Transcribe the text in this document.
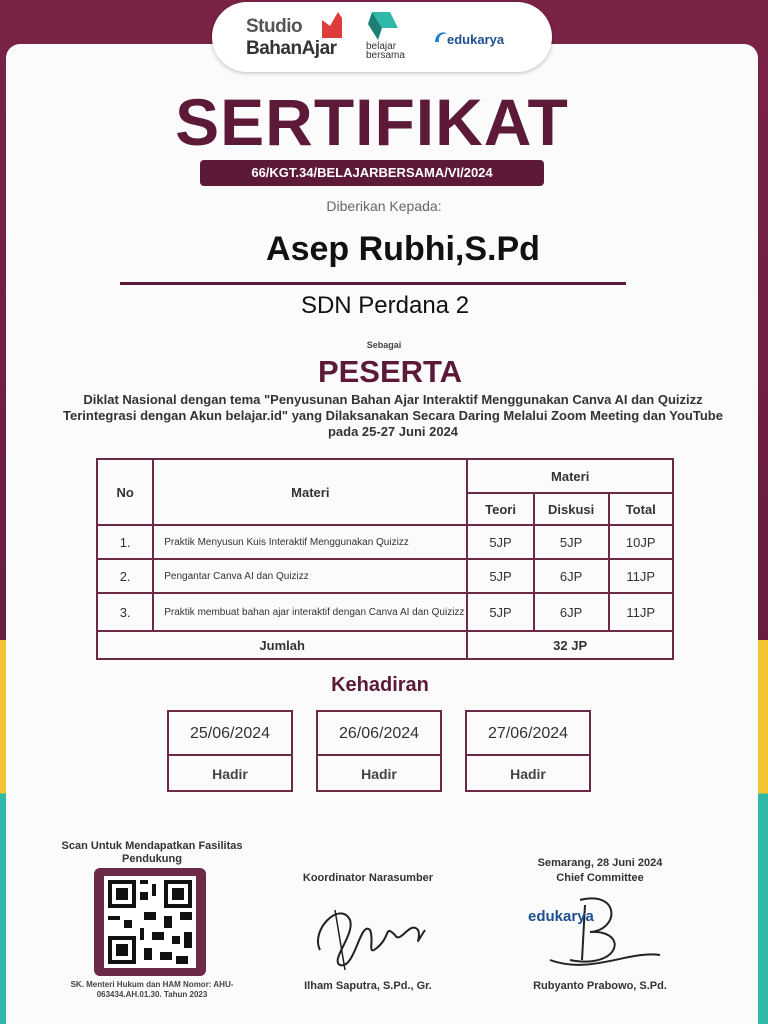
Studio
BahanAjar	belajar
bersama
edukarya
SERTIFIKAT
66/KGT.34/BELAJARBERSAMA/VI/2024
Diberikan Kepada:
Asep Rubhi,S.Pd
SDN Perdana 2
Sebagai
PESERTA
Diklat Nasional dengan tema "Penyusunan Bahan Ajar Interaktif Menggunakan Canva AI dan Quizizz Terintegrasi dengan Akun belajar.id" yang Dilaksanakan Secara Daring Melalui Zoom Meeting dan YouTube pada 25-27 Juni 2024
No	Materi	Materi		
		Teori	Diskusi	Total
1.	Praktik Menyusun Kuis Interaktif Menggunakan Quizizz	5JP	5JP	10JP
2.	Pengantar Canva AI dan Quizizz	5JP	6JP	11JP
3.	Praktik membuat bahan ajar interaktif dengan Canva AI dan Quizizz	5JP	6JP	11JP
Jumlah		32 JP		
Kehadiran
25/06/2024
Hadir
26/06/2024
Hadir
27/06/2024
Hadir
Scan Untuk Mendapatkan Fasilitas Pendukung
SK. Menteri Hukum dan HAM Nomor: AHU-063434.AH.01.30. Tahun 2023
Koordinator Narasumber
Ilham Saputra, S.Pd., Gr.
Semarang, 28 Juni 2024
Chief Committee
edukarya
Rubyanto Prabowo, S.Pd.
